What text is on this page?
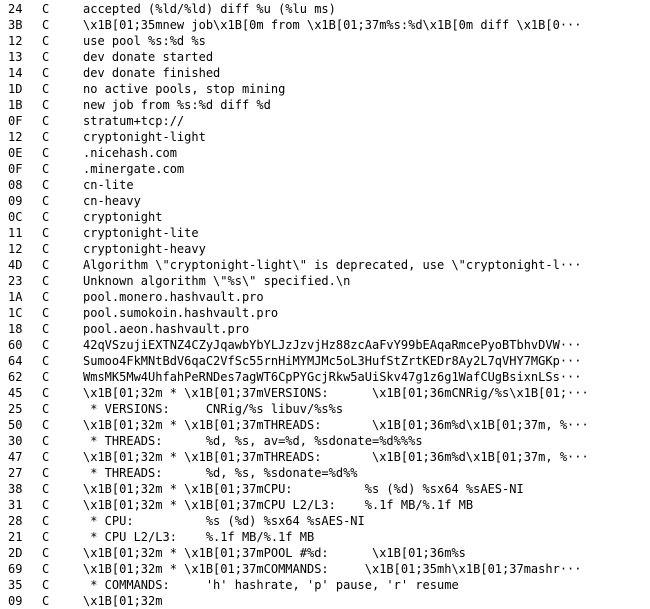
24	C	accepted (%ld/%ld) diff %u (%lu ms)
3B	C	\x1B[01;35mnew job\x1B[0m from \x1B[01;37m%s:%d\x1B[0m diff \x1B[0···
12	C	use pool %s:%d %s
13	C	dev donate started
14	C	dev donate finished
1D	C	no active pools, stop mining
1B	C	new job from %s:%d diff %d
0F	C	stratum+tcp://
12	C	cryptonight-light
0E	C	.nicehash.com
0F	C	.minergate.com
08	C	cn-lite
09	C	cn-heavy
0C	C	cryptonight
11	C	cryptonight-lite
12	C	cryptonight-heavy
4D	C	Algorithm \"cryptonight-light\" is deprecated, use \"cryptonight-l···
23	C	Unknown algorithm \"%s\" specified.\n
1A	C	pool.monero.hashvault.pro
1C	C	pool.sumokoin.hashvault.pro
18	C	pool.aeon.hashvault.pro
60	C	42qVSzujiEXTNZ4CZyJqawbYbYLJzJzvjHz88zcAaFvY99bEAqaRmcePyoBTbhvDVW···
64	C	Sumoo4FkMNtBdV6qaC2VfSc55rnHiMYMJMc5oL3HufStZrtKEDr8Ay2L7qVHY7MGKp···
62	C	WmsMK5Mw4UhfahPeRNDes7agWT6CpPYGcjRkw5aUiSkv47g1z6g1WafCUgBsixnLSs···
45	C	\x1B[01;32m * \x1B[01;37mVERSIONS:      \x1B[01;36mCNRig/%s\x1B[01;···
25	C	* VERSIONS:     CNRig/%s libuv/%s%s
50	C	\x1B[01;32m * \x1B[01;37mTHREADS:       \x1B[01;36m%d\x1B[01;37m, %···
30	C	* THREADS:      %d, %s, av=%d, %sdonate=%d%%%s
47	C	\x1B[01;32m * \x1B[01;37mTHREADS:       \x1B[01;36m%d\x1B[01;37m, %···
27	C	* THREADS:      %d, %s, %sdonate=%d%%
38	C	\x1B[01;32m * \x1B[01;37mCPU:          %s (%d) %sx64 %sAES-NI
31	C	\x1B[01;32m * \x1B[01;37mCPU L2/L3:    %.1f MB/%.1f MB
28	C	* CPU:          %s (%d) %sx64 %sAES-NI
21	C	* CPU L2/L3:    %.1f MB/%.1f MB
2D	C	\x1B[01;32m * \x1B[01;37mPOOL #%d:      \x1B[01;36m%s
69	C	\x1B[01;32m * \x1B[01;37mCOMMANDS:     \x1B[01;35mh\x1B[01;37mashr···
35	C	* COMMANDS:     'h' hashrate, 'p' pause, 'r' resume
09	C	\x1B[01;32m
